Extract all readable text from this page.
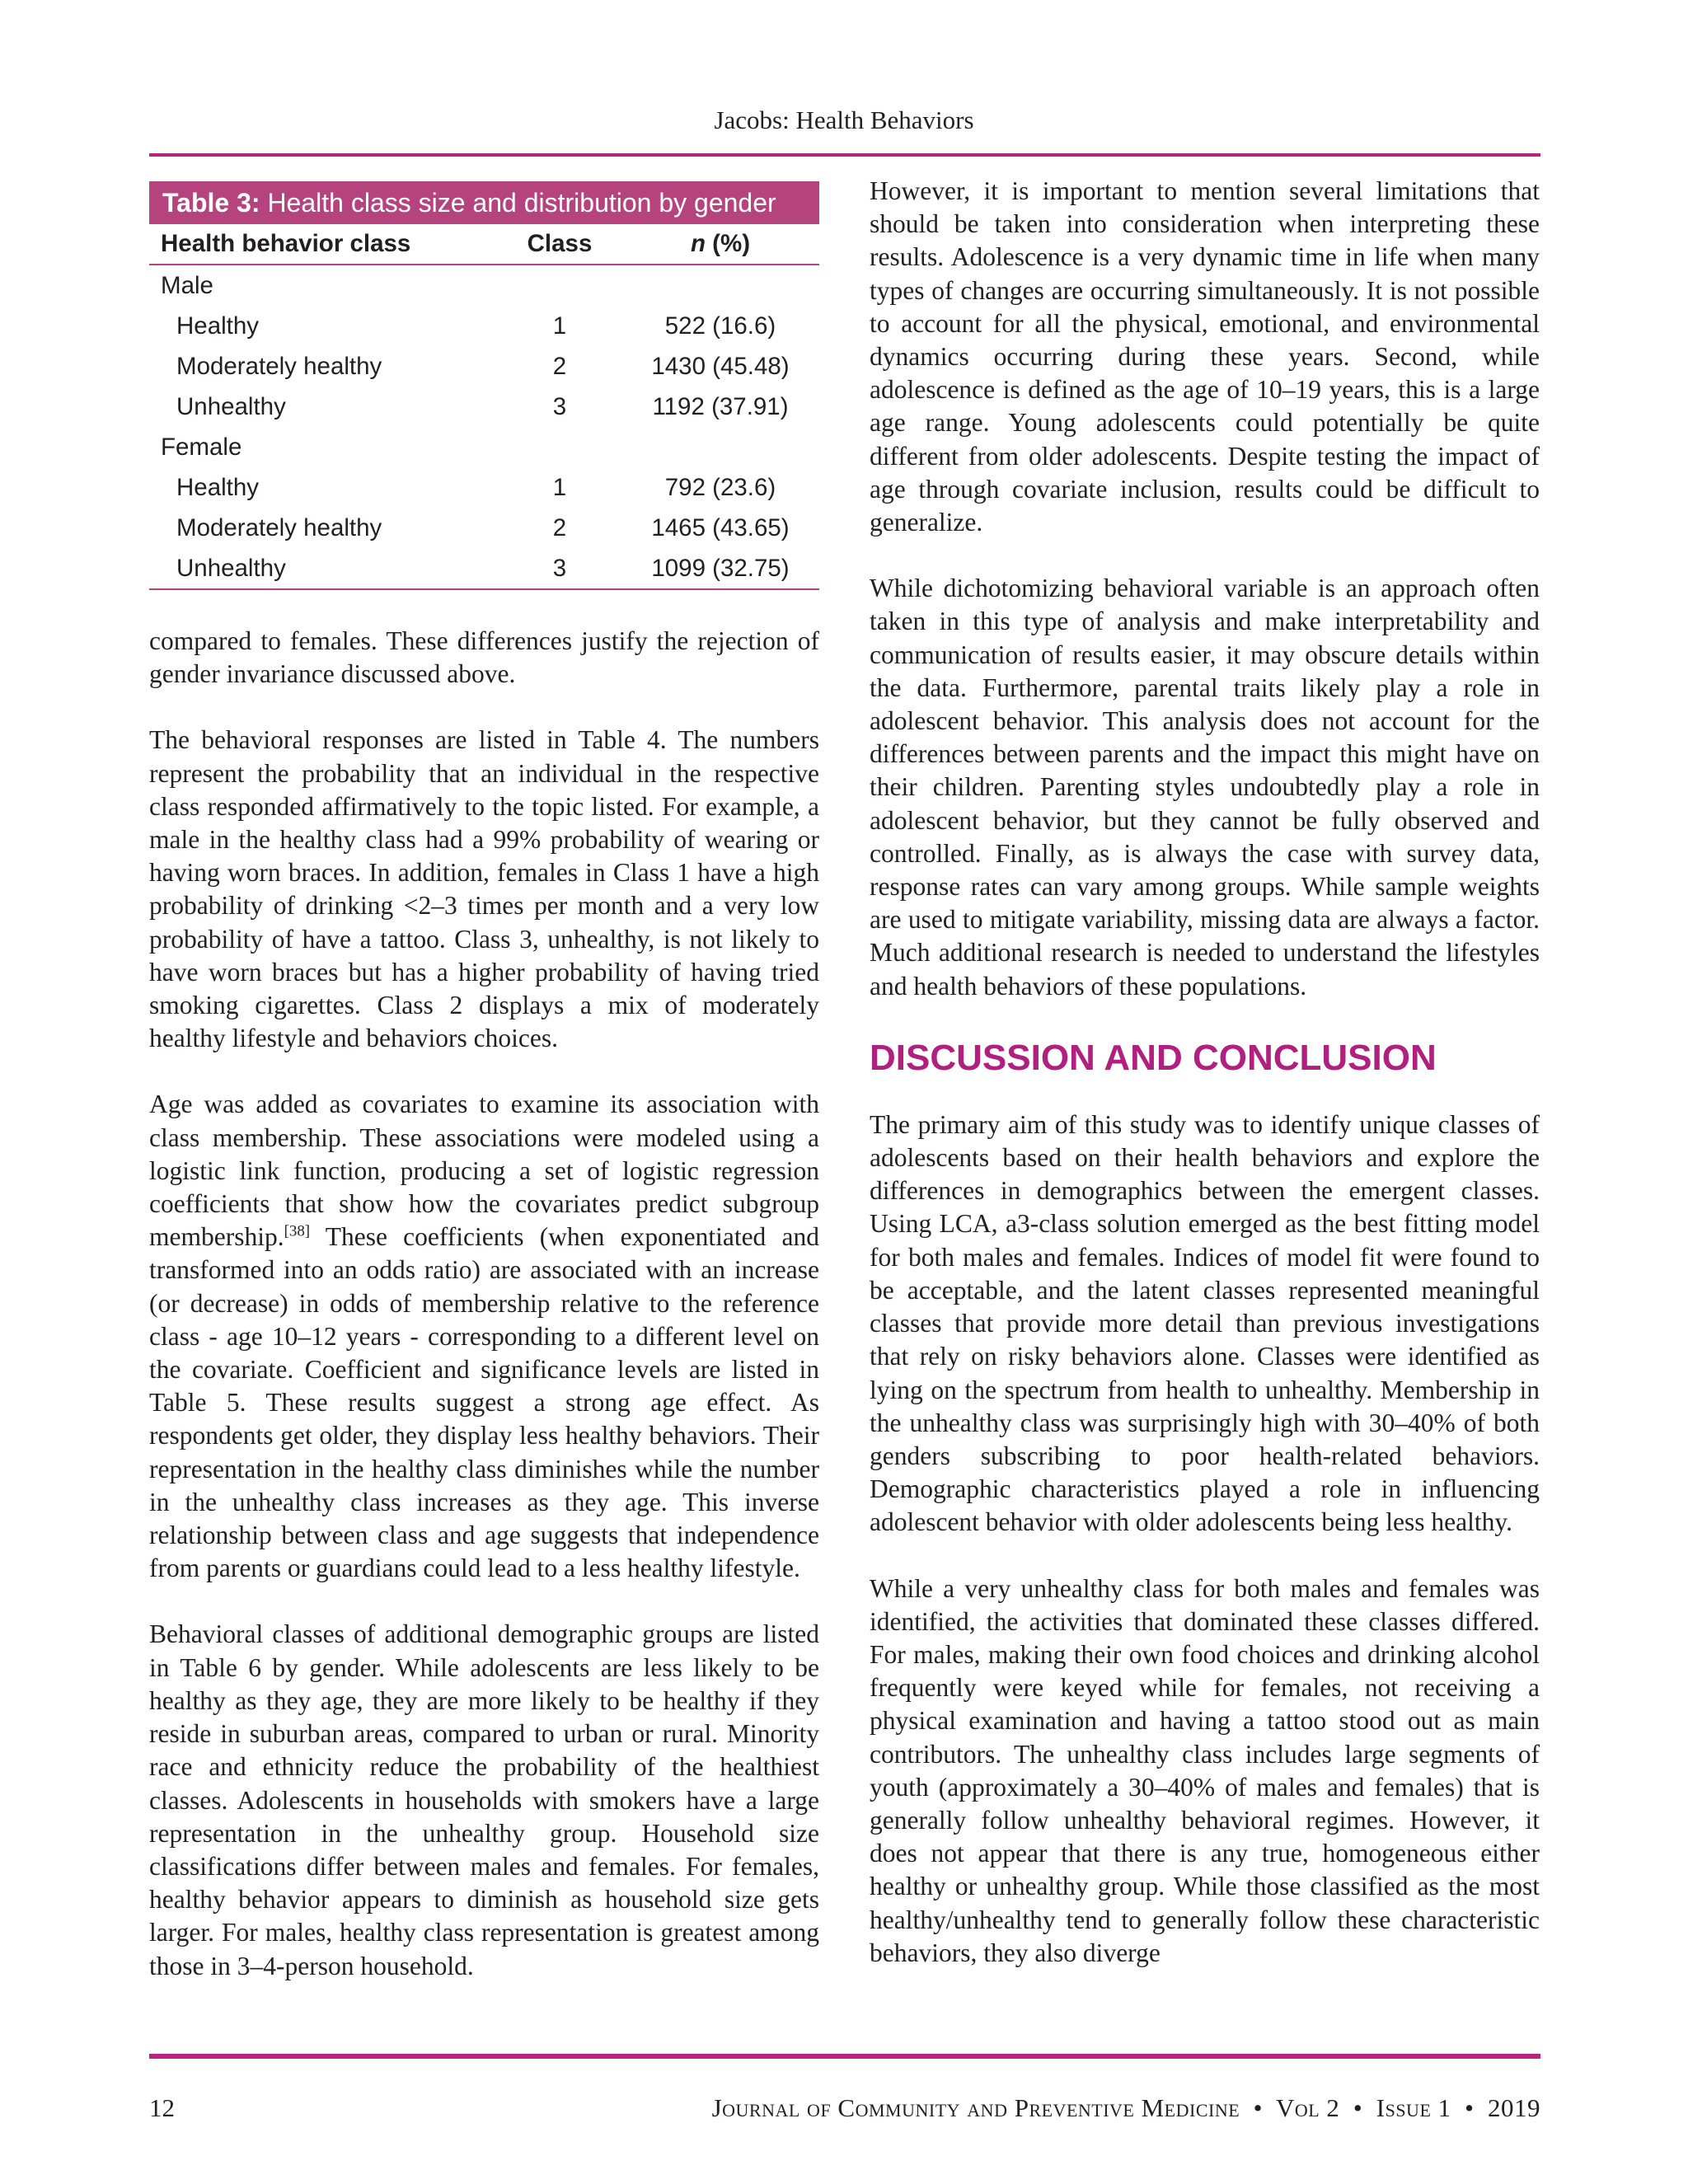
Jacobs: Health Behaviors
Table 3: Health class size and distribution by gender
Health behavior class	Class	n (%)
Male		
Healthy	1	522 (16.6)
Moderately healthy	2	1430 (45.48)
Unhealthy	3	1192 (37.91)
Female		
Healthy	1	792 (23.6)
Moderately healthy	2	1465 (43.65)
Unhealthy	3	1099 (32.75)

compared to females. These differences justify the rejection of gender invariance discussed above.

The behavioral responses are listed in Table 4. The numbers represent the probability that an individual in the respective class responded affirmatively to the topic listed. For example, a male in the healthy class had a 99% probability of wearing or having worn braces. In addition, females in Class 1 have a high probability of drinking <2–3 times per month and a very low probability of have a tattoo. Class 3, unhealthy, is not likely to have worn braces but has a higher probability of having tried smoking cigarettes. Class 2 displays a mix of moderately healthy lifestyle and behaviors choices.

Age was added as covariates to examine its association with class membership. These associations were modeled using a logistic link function, producing a set of logistic regression coefficients that show how the covariates predict subgroup membership.[38] These coefficients (when exponentiated and transformed into an odds ratio) are associated with an increase (or decrease) in odds of membership relative to the reference class - age 10–12 years - corresponding to a different level on the covariate. Coefficient and significance levels are listed in Table 5. These results suggest a strong age effect. As respondents get older, they display less healthy behaviors. Their representation in the healthy class diminishes while the number in the unhealthy class increases as they age. This inverse relationship between class and age suggests that independence from parents or guardians could lead to a less healthy lifestyle.

Behavioral classes of additional demographic groups are listed in Table 6 by gender. While adolescents are less likely to be healthy as they age, they are more likely to be healthy if they reside in suburban areas, compared to urban or rural. Minority race and ethnicity reduce the probability of the healthiest classes. Adolescents in households with smokers have a large representation in the unhealthy group. Household size classifications differ between males and females. For females, healthy behavior appears to diminish as household size gets larger. For males, healthy class representation is greatest among those in 3–4-person household.

However, it is important to mention several limitations that should be taken into consideration when interpreting these results. Adolescence is a very dynamic time in life when many types of changes are occurring simultaneously. It is not possible to account for all the physical, emotional, and environmental dynamics occurring during these years. Second, while adolescence is defined as the age of 10–19 years, this is a large age range. Young adolescents could potentially be quite different from older adolescents. Despite testing the impact of age through covariate inclusion, results could be difficult to generalize.

While dichotomizing behavioral variable is an approach often taken in this type of analysis and make interpretability and communication of results easier, it may obscure details within the data. Furthermore, parental traits likely play a role in adolescent behavior. This analysis does not account for the differences between parents and the impact this might have on their children. Parenting styles undoubtedly play a role in adolescent behavior, but they cannot be fully observed and controlled. Finally, as is always the case with survey data, response rates can vary among groups. While sample weights are used to mitigate variability, missing data are always a factor. Much additional research is needed to understand the lifestyles and health behaviors of these populations.

DISCUSSION AND CONCLUSION

The primary aim of this study was to identify unique classes of adolescents based on their health behaviors and explore the differences in demographics between the emergent classes. Using LCA, a3-class solution emerged as the best fitting model for both males and females. Indices of model fit were found to be acceptable, and the latent classes represented meaningful classes that provide more detail than previous investigations that rely on risky behaviors alone. Classes were identified as lying on the spectrum from health to unhealthy. Membership in the unhealthy class was surprisingly high with 30–40% of both genders subscribing to poor health-related behaviors. Demographic characteristics played a role in influencing adolescent behavior with older adolescents being less healthy.

While a very unhealthy class for both males and females was identified, the activities that dominated these classes differed. For males, making their own food choices and drinking alcohol frequently were keyed while for females, not receiving a physical examination and having a tattoo stood out as main contributors. The unhealthy class includes large segments of youth (approximately a 30–40% of males and females) that is generally follow unhealthy behavioral regimes. However, it does not appear that there is any true, homogeneous either healthy or unhealthy group. While those classified as the most healthy/unhealthy tend to generally follow these characteristic behaviors, they also diverge

12	Journal of Community and Preventive Medicine  •  Vol 2  •  Issue 1  •  2019
